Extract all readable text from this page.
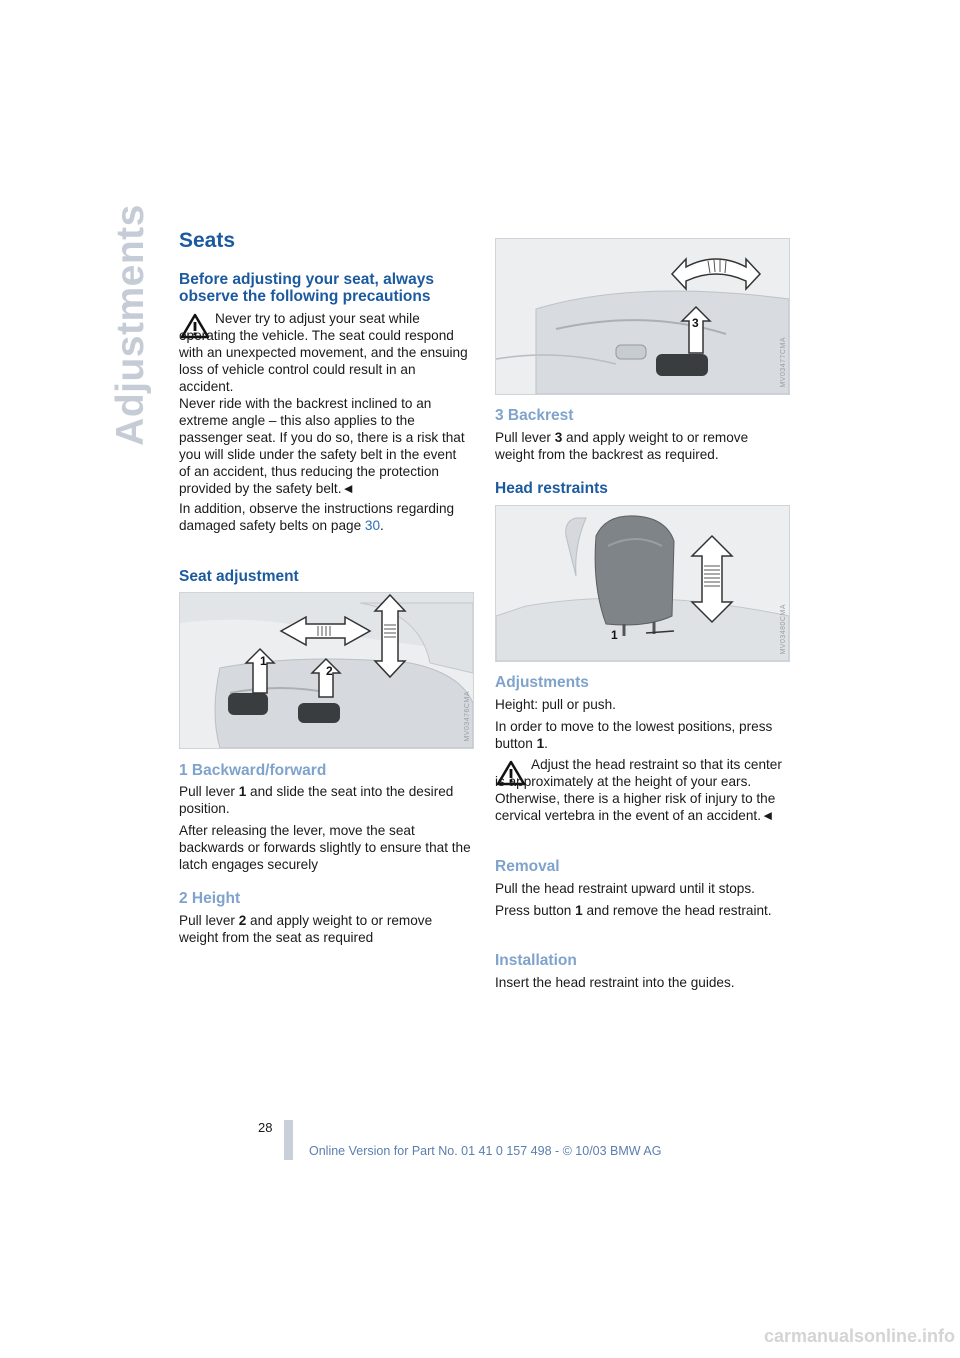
Adjustments Seats
Before adjusting your seat, always observe the following precautions

Never try to adjust your seat while operating the vehicle. The seat could respond with an unexpected movement, and the ensuing loss of vehicle control could result in an accident.

Never ride with the backrest inclined to an extreme angle – this also applies to the passenger seat. If you do so, there is a risk that you will slide under the safety belt in the event of an accident, thus reducing the protection provided by the safety belt.◄

In addition, observe the instructions regarding damaged safety belts on page 30.

Seat adjustment
1
2
MV03476CMA
1 Backward/forward

Pull lever 1 and slide the seat into the desired position.

After releasing the lever, move the seat backwards or forwards slightly to ensure that the latch engages securely

2 Height

Pull lever 2 and apply weight to or remove weight from the seat as required

3
MV03477CMA
3 Backrest

Pull lever 3 and apply weight to or remove weight from the backrest as required.

Head restraints
1	MV03480CMA
Adjustments

Height: pull or push.

In order to move to the lowest positions, press button 1.

Adjust the head restraint so that its center is approximately at the height of your ears. Otherwise, there is a higher risk of injury to the cervical vertebra in the event of an accident.◄

Removal

Pull the head restraint upward until it stops.

Press button 1 and remove the head restraint.

Installation

Insert the head restraint into the guides.

28
Online Version for Part No. 01 41 0 157 498 - © 10/03 BMW AG
carmanualsonline.info
